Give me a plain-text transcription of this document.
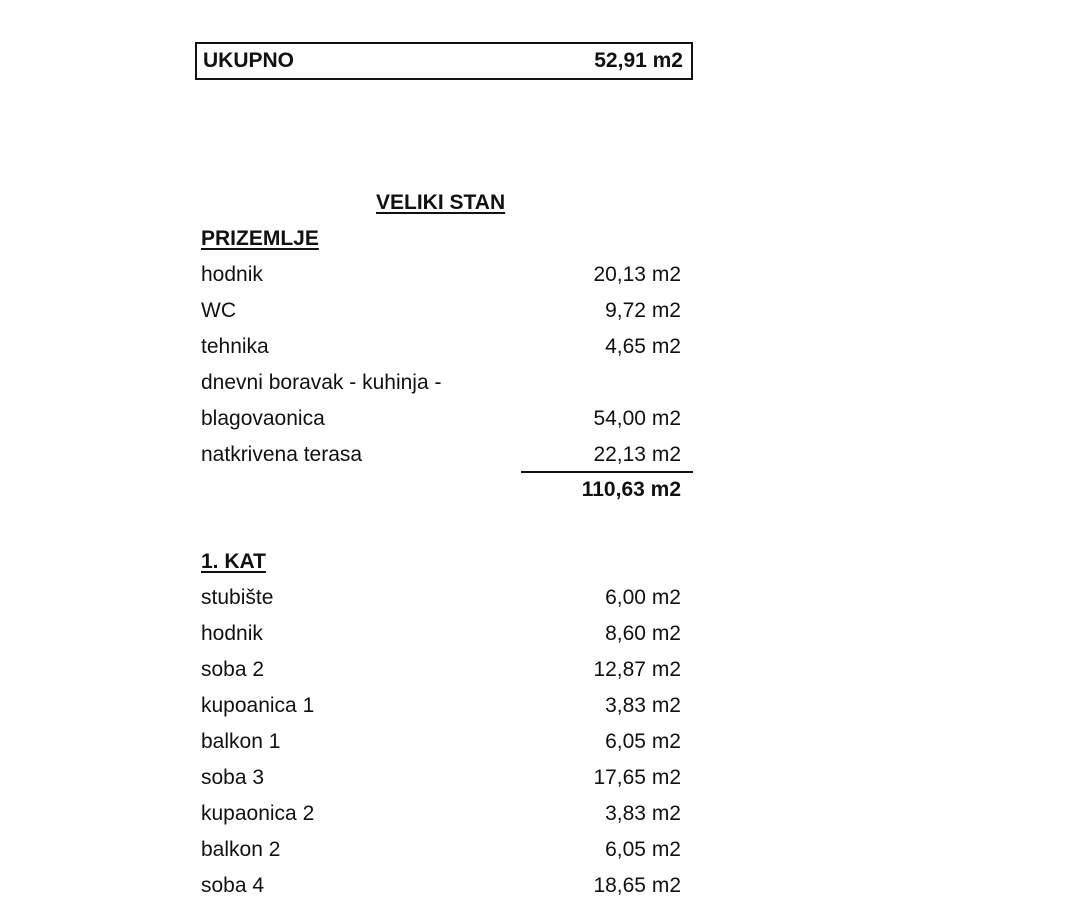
UKUPNO	52,91 m2
VELIKI STAN
PRIZEMLJE
hodnik	20,13 m2
WC	9,72 m2
tehnika	4,65 m2
dnevni boravak - kuhinja -
blagovaonica	54,00 m2
natkrivena terasa	22,13 m2
110,63 m2
1. KAT
stubište	6,00 m2
hodnik	8,60 m2
soba 2	12,87 m2
kupoanica 1	3,83 m2
balkon 1	6,05 m2
soba 3	17,65 m2
kupaonica 2	3,83 m2
balkon 2	6,05 m2
soba 4	18,65 m2
